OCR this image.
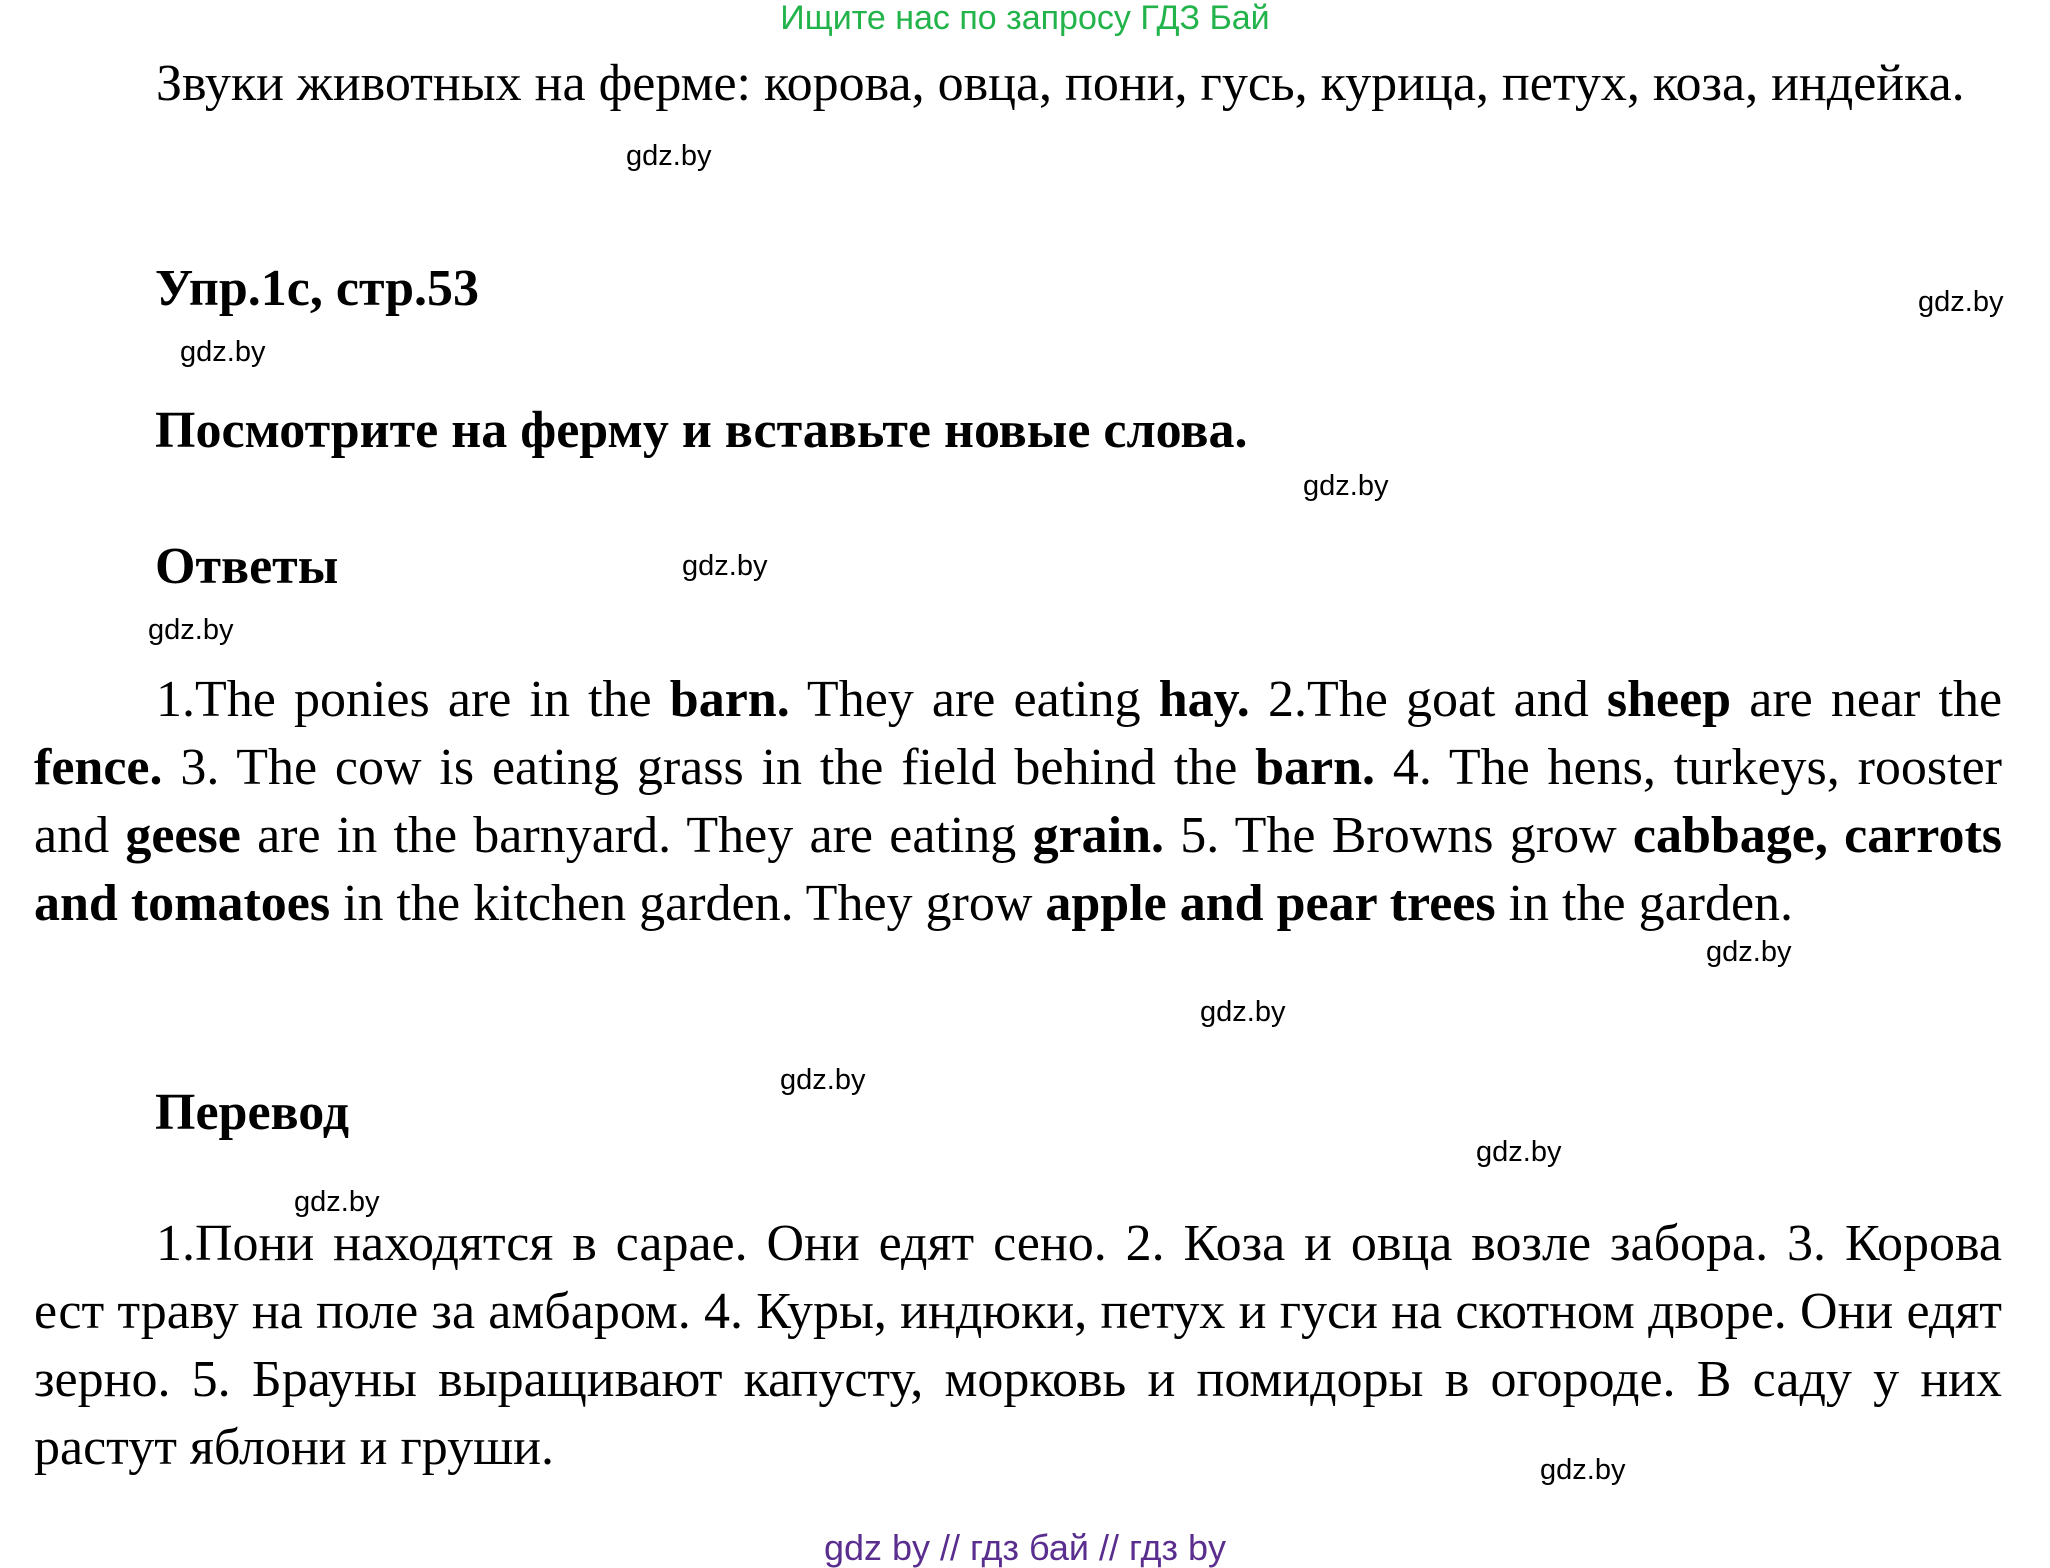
Ищите нас по запросу ГДЗ Бай

Звуки животных на ферме: корова, овца, пони, гусь, курица, петух, коза, индейка.

Упр.1c, стр.53
Посмотрите на ферму и вставьте новые слова.
Ответы

1.The ponies are in the barn. They are eating hay. 2.The goat and sheep are near the fence. 3. The cow is eating grass in the field behind the barn. 4. The hens, turkeys, rooster and geese are in the barnyard. They are eating grain. 5. The Browns grow cabbage, carrots and tomatoes in the kitchen garden. They grow apple and pear trees in the garden.

Перевод

1.Пони находятся в сарае. Они едят сено. 2. Коза и овца возле забора. 3. Корова ест траву на поле за амбаром. 4. Куры, индюки, петух и гуси на скотном дворе. Они едят зерно. 5. Брауны выращивают капусту, морковь и помидоры в огороде. В саду у них растут яблони и груши.

gdz.by
gdz.by
gdz.by
gdz.by
gdz.by
gdz.by
gdz.by
gdz.by
gdz.by
gdz.by
gdz.by
gdz.by
gdz by // гдз бай // гдз by
